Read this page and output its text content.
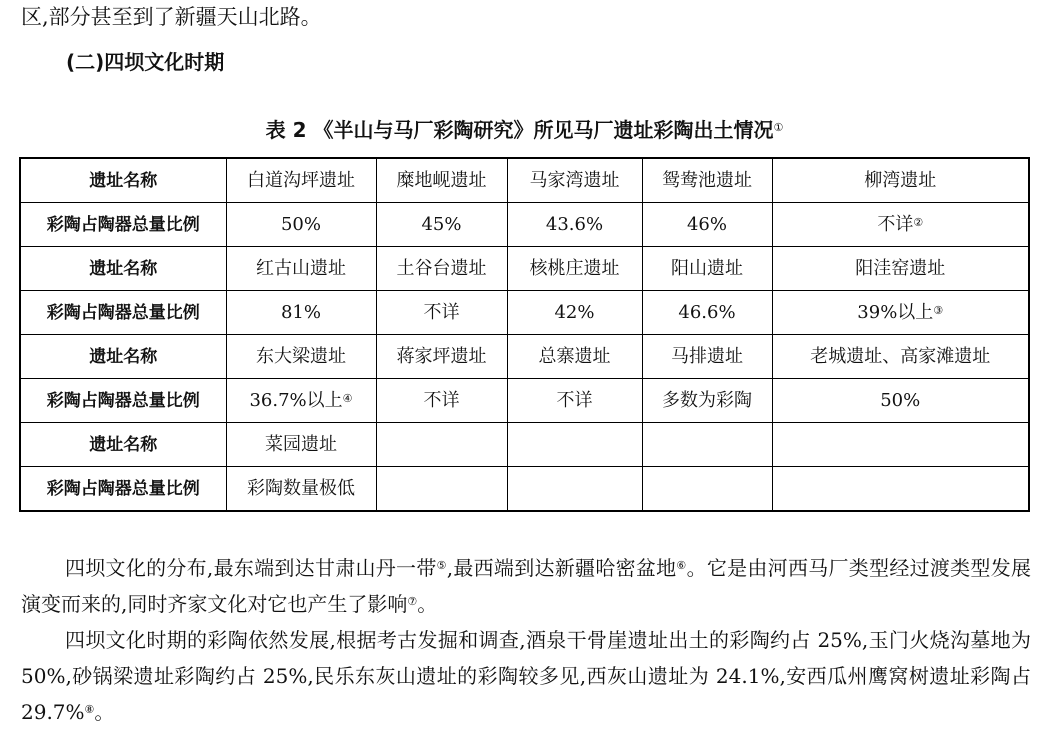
区,部分甚至到了新疆天山北路。
(二)四坝文化时期
表 2 《半山与马厂彩陶研究》所见马厂遗址彩陶出土情况①
遗址名称	白道沟坪遗址	糜地岘遗址	马家湾遗址	鸳鸯池遗址	柳湾遗址
彩陶占陶器总量比例	50%	45%	43.6%	46%	不详②
遗址名称	红古山遗址	土谷台遗址	核桃庄遗址	阳山遗址	阳洼窑遗址
彩陶占陶器总量比例	81%	不详	42%	46.6%	39%以上③
遗址名称	东大梁遗址	蒋家坪遗址	总寨遗址	马排遗址	老城遗址、高家滩遗址
彩陶占陶器总量比例	36.7%以上④	不详	不详	多数为彩陶	50%
遗址名称	菜园遗址				
彩陶占陶器总量比例	彩陶数量极低				
四坝文化的分布,最东端到达甘肃山丹一带⑤,最西端到达新疆哈密盆地⑥。它是由河西马厂类型经过渡类型发展演变而来的,同时齐家文化对它也产生了影响⑦。
四坝文化时期的彩陶依然发展,根据考古发掘和调查,酒泉干骨崖遗址出土的彩陶约占 25%,玉门火烧沟墓地为 50%,砂锅梁遗址彩陶约占 25%,民乐东灰山遗址的彩陶较多见,西灰山遗址为 24.1%,安西瓜州鹰窝树遗址彩陶占 29.7%⑧。
